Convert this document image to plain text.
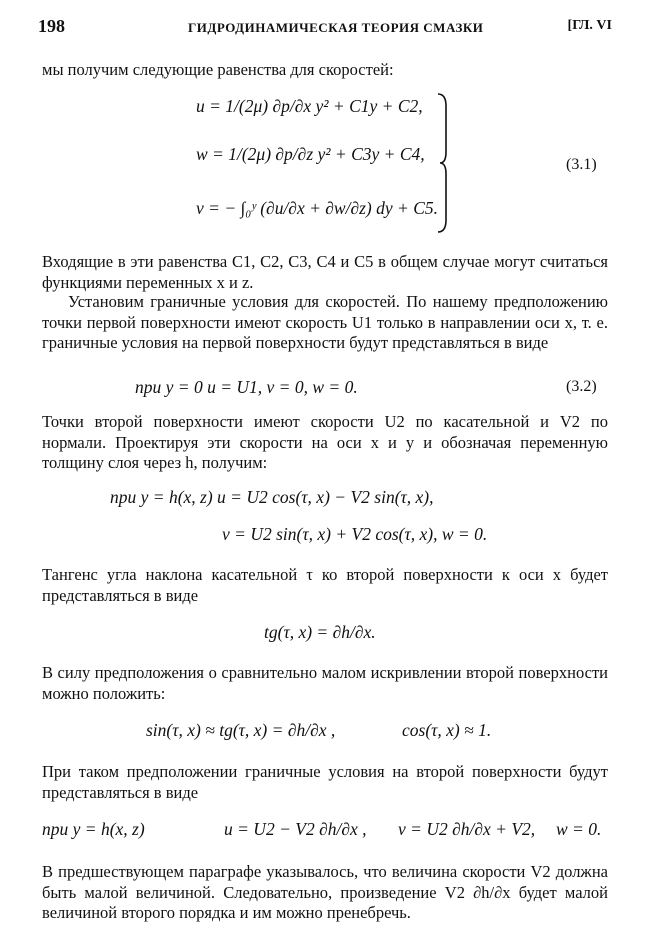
198	ГИДРОДИНАМИЧЕСКАЯ ТЕОРИЯ СМАЗКИ	[ГЛ. VI

мы получим следующие равенства для скоростей:

u = 1/(2μ) ∂p/∂x y² + C1y + C2,
w = 1/(2μ) ∂p/∂z y² + C3y + C4,
v = − ∫₀ʸ (∂u/∂x + ∂w/∂z) dy + C5.
(3.1)

Входящие в эти равенства C1, C2, C3, C4 и C5 в общем случае могут считаться функциями переменных x и z.

Установим граничные условия для скоростей. По нашему предположению точки первой поверхности имеют скорость U1 только в направлении оси x, т. е. граничные условия на первой поверхности будут представляться в виде

при y = 0 u = U1, v = 0, w = 0.	(3.2)

Точки второй поверхности имеют скорости U2 по касательной и V2 по нормали. Проектируя эти скорости на оси x и y и обозначая переменную толщину слоя через h, получим:

при y = h(x, z) u = U2 cos(τ, x) − V2 sin(τ, x),
v = U2 sin(τ, x) + V2 cos(τ, x), w = 0.

Тангенс угла наклона касательной τ ко второй поверхности к оси x будет представляться в виде

tg(τ, x) = ∂h/∂x.

В силу предположения о сравнительно малом искривлении второй поверхности можно положить:

sin(τ, x) ≈ tg(τ, x) = ∂h/∂x ,	cos(τ, x) ≈ 1.

При таком предположении граничные условия на второй поверхности будут представляться в виде

при y = h(x, z)	u = U2 − V2 ∂h/∂x , v = U2 ∂h/∂x + V2, w = 0.

В предшествующем параграфе указывалось, что величина скорости V2 должна быть малой величиной. Следовательно, произведение V2 ∂h/∂x будет малой величиной второго порядка и им можно пренебречь.
